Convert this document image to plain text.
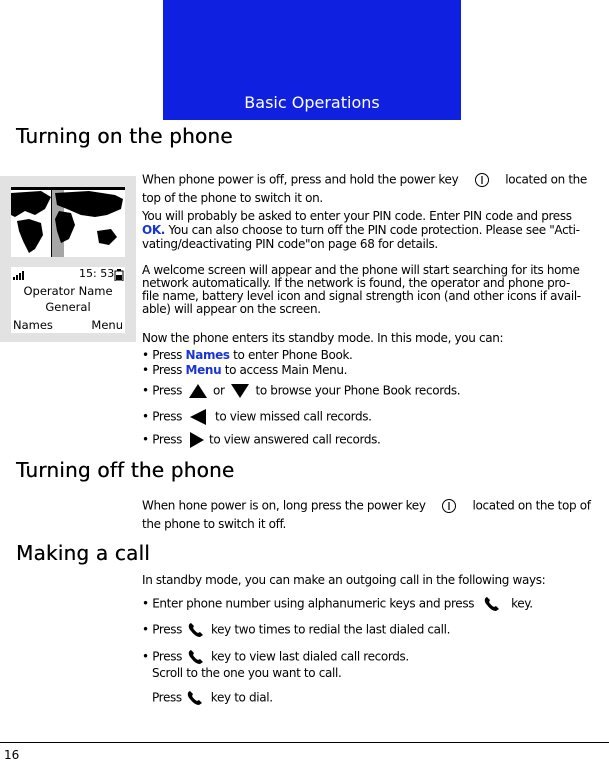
Basic Operations
Turning on the phone
When phone power is off, press and hold the power key	located on the
top of the phone to switch it on.
You will probably be asked to enter your PIN code. Enter PIN code and press
OK. You can also choose to turn off the PIN code protection. Please see "Acti-
vating/deactivating PIN code"on page 68 for details.
A welcome screen will appear and the phone will start searching for its home
network automatically. If the network is found, the operator and phone pro-
file name, battery level icon and signal strength icon (and other icons if avail-
able) will appear on the screen.
Now the phone enters its standby mode. In this mode, you can:
• Press Names to enter Phone Book.
• Press Menu to access Main Menu.
• Press	or	to browse your Phone Book records.
• Press	to view missed call records.
• Press to view answered call records.
15: 53
Operator Name
General
Names	Menu
Turning off the phone
When hone power is on, long press the power key	located on the top of
the phone to switch it off.
Making a call
In standby mode, you can make an outgoing call in the following ways:
• Enter phone number using alphanumeric keys and press	key.
• Press key two times to redial the last dialed call.
• Press key to view last dialed call records.
Scroll to the one you want to call.
Press key to dial.
16
